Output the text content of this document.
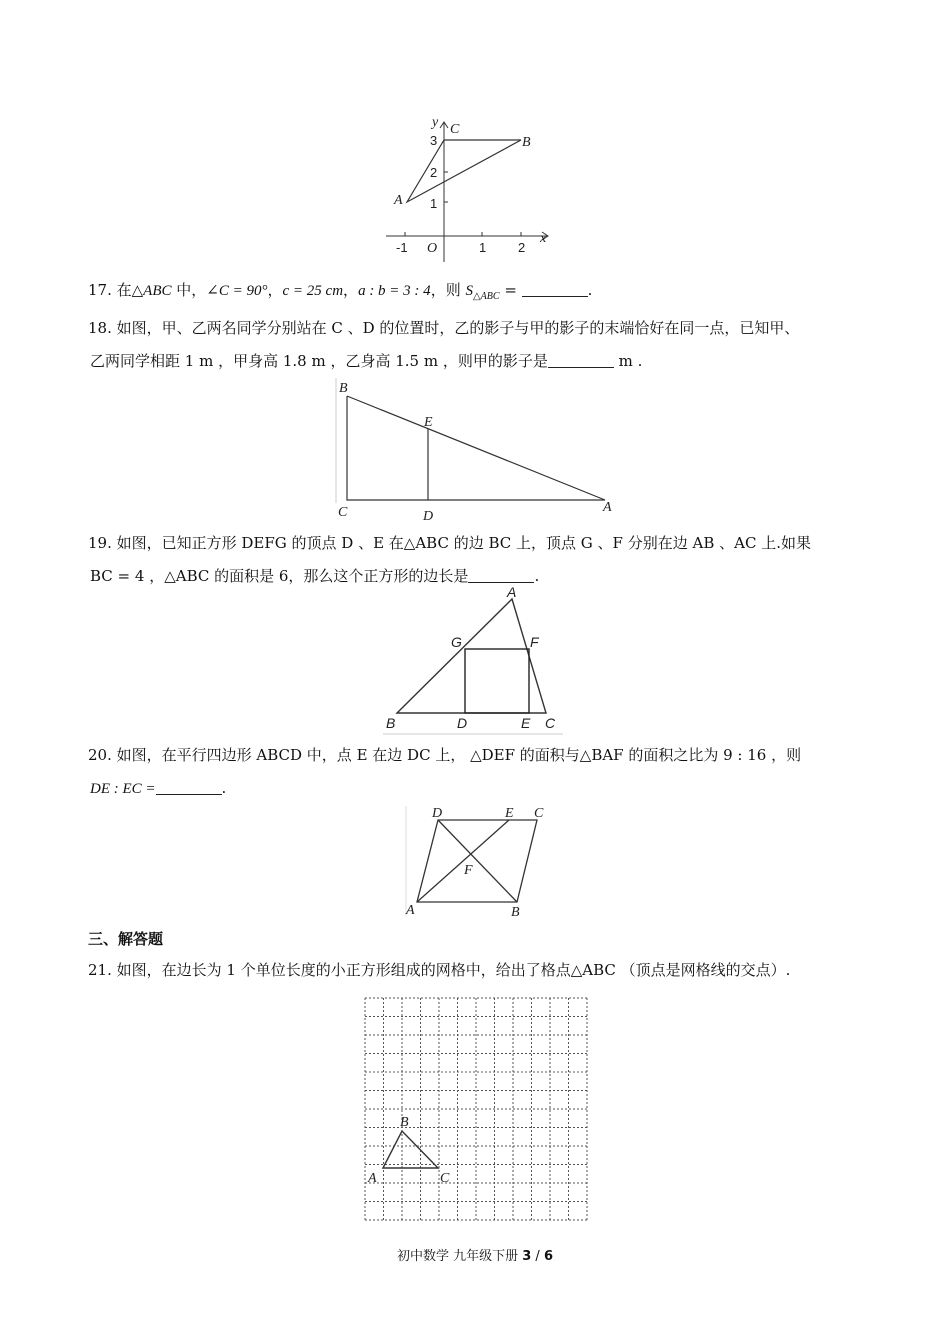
y
x
O
-1	1 2
1
2
3
A
B
C
17. 在△ABC 中，∠C = 90°，c = 25 cm，a : b = 3 : 4，则 $S_{\triangle ABC}$ =	.
18. 如图，甲、乙两名同学分别站在 C 、D 的位置时，乙的影子与甲的影子的末端恰好在同一点，已知甲、
乙两同学相距 1 m ，甲身高 1.8 m ，乙身高 1.5 m ，则甲的影子是	m .
B
E
C	D
A
19. 如图，已知正方形 DEFG 的顶点 D 、E 在△ABC 的边 BC 上，顶点 G 、F 分别在边 AB 、AC 上.如果
BC = 4 ，△ABC 的面积是 6，那么这个正方形的边长是	.
A
G	F
B	D	E C
20. 如图，在平行四边形 ABCD 中，点 E 在边 DC 上， △DEF 的面积与△BAF 的面积之比为 9 : 16 ，则
DE : EC =	.
D	E C
F
A	B
三、解答题
21. 如图，在边长为 1 个单位长度的小正方形组成的网格中，给出了格点△ABC （顶点是网格线的交点）.
A
B
C
初中数学 九年级下册 3 / 6
